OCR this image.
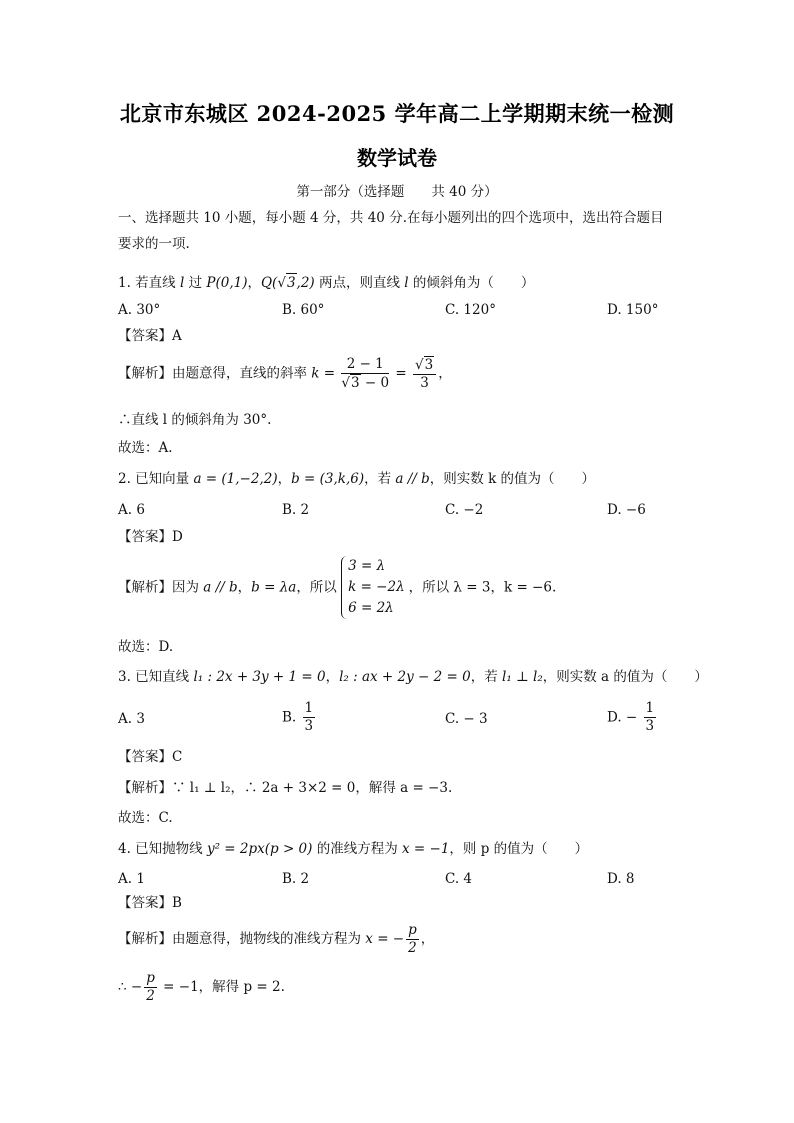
北京市东城区 2024-2025 学年高二上学期期末统一检测
数学试卷
第一部分（选择题　　共 40 分）
一、选择题共 10 小题，每小题 4 分，共 40 分.在每小题列出的四个选项中，选出符合题目
要求的一项.
1. 若直线 l 过 P(0,1)，Q(√3,2) 两点，则直线 l 的倾斜角为（　　）
A. 30°	B. 60°	C. 120°	D. 150°
【答案】A
【解析】由题意得，直线的斜率 $k = \frac{2 - 1}{√3 - 0} = \frac{√3}{3}$ ，
∴直线 l 的倾斜角为 30°.
故选：A.
2. 已知向量 a = (1,−2,2)，b = (3,k,6)，若 a // b，则实数 k 的值为（　　）
A. 6	B. 2	C. −2	D. −6
【答案】D
【解析】因为 a // b，b = λa，所以
3 = λ
k = −2λ
6 = 2λ
，所以 λ = 3，k = −6.
故选：D.
3. 已知直线 l₁ : 2x + 3y + 1 = 0，l₂ : ax + 2y − 2 = 0，若 l₁ ⊥ l₂，则实数 a 的值为（　　）
A. 3	B. $\frac{1}{3}$	C. − 3	D. − $\frac{1}{3}$
【答案】C
【解析】∵ l₁ ⊥ l₂，∴ 2a + 3×2 = 0，解得 a = −3.
故选：C.
4. 已知抛物线 y² = 2px(p > 0) 的准线方程为 x = −1，则 p 的值为（　　）
A. 1	B. 2	C. 4	D. 8
【答案】B
【解析】由题意得，抛物线的准线方程为 x = − $\frac{p}{2}$ ，
∴ − $\frac{p}{2} = -1$，解得 p = 2.
